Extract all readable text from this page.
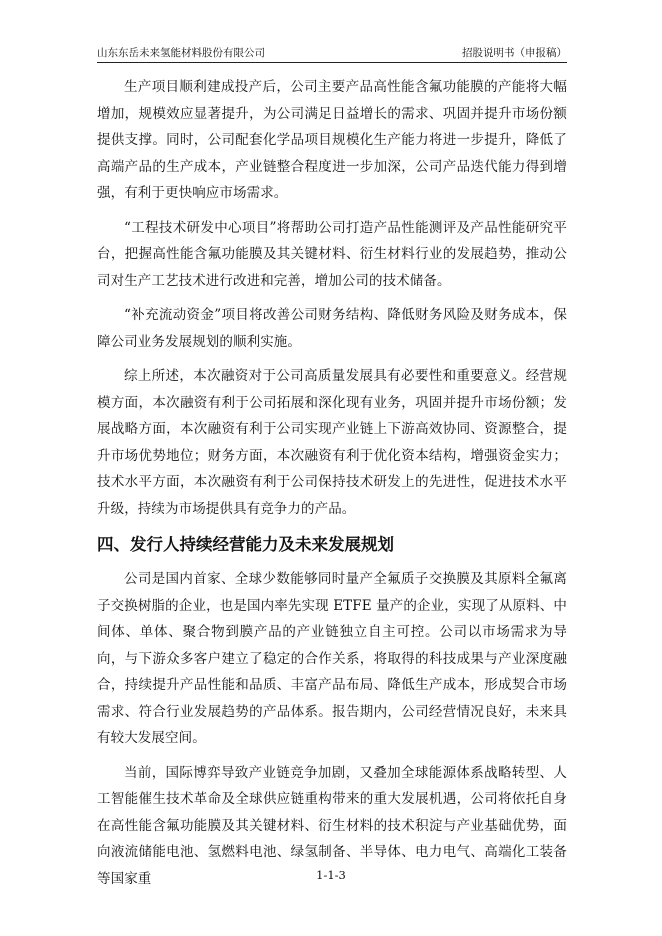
山东东岳未来氢能材料股份有限公司	招股说明书（申报稿）

生产项目顺利建成投产后，公司主要产品高性能含氟功能膜的产能将大幅增加，规模效应显著提升，为公司满足日益增长的需求、巩固并提升市场份额提供支撑。同时，公司配套化学品项目规模化生产能力将进一步提升，降低了高端产品的生产成本，产业链整合程度进一步加深，公司产品迭代能力得到增强，有利于更快响应市场需求。

“工程技术研发中心项目”将帮助公司打造产品性能测评及产品性能研究平台，把握高性能含氟功能膜及其关键材料、衍生材料行业的发展趋势，推动公司对生产工艺技术进行改进和完善，增加公司的技术储备。

“补充流动资金”项目将改善公司财务结构、降低财务风险及财务成本，保障公司业务发展规划的顺利实施。

综上所述，本次融资对于公司高质量发展具有必要性和重要意义。经营规模方面，本次融资有利于公司拓展和深化现有业务，巩固并提升市场份额；发展战略方面，本次融资有利于公司实现产业链上下游高效协同、资源整合，提升市场优势地位；财务方面，本次融资有利于优化资本结构，增强资金实力；技术水平方面，本次融资有利于公司保持技术研发上的先进性，促进技术水平升级，持续为市场提供具有竞争力的产品。

四、发行人持续经营能力及未来发展规划

公司是国内首家、全球少数能够同时量产全氟质子交换膜及其原料全氟离子交换树脂的企业，也是国内率先实现 ETFE 量产的企业，实现了从原料、中间体、单体、聚合物到膜产品的产业链独立自主可控。公司以市场需求为导向，与下游众多客户建立了稳定的合作关系，将取得的科技成果与产业深度融合，持续提升产品性能和品质、丰富产品布局、降低生产成本，形成契合市场需求、符合行业发展趋势的产品体系。报告期内，公司经营情况良好，未来具有较大发展空间。

当前，国际博弈导致产业链竞争加剧，又叠加全球能源体系战略转型、人工智能催生技术革命及全球供应链重构带来的重大发展机遇，公司将依托自身在高性能含氟功能膜及其关键材料、衍生材料的技术积淀与产业基础优势，面向液流储能电池、氢燃料电池、绿氢制备、半导体、电力电气、高端化工装备等国家重	1-1-3
